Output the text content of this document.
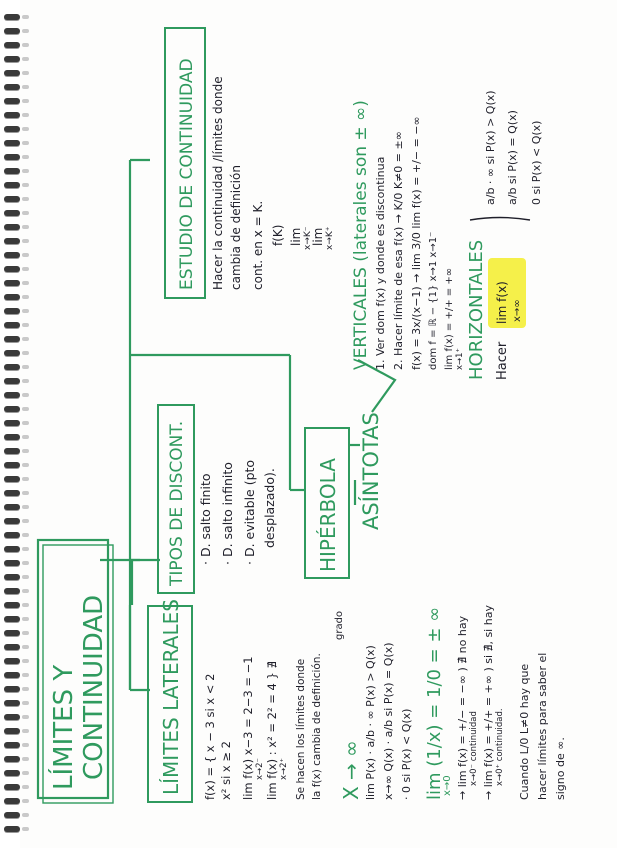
LÍMITES Y CONTINUIDAD	LÍMITES LATERALES
TIPOS DE DISCONT. · D. salto finito · D. salto infinito · D. evitable (pto desplazado).
ESTUDIO DE CONTINUIDAD Hacer la continuidad /límites donde cambia de definición cont. en x = K. f(K) lim x→K⁻
lim x→K⁺
HIPÉRBOLA ASÍNTOTAS
f(x) = { x − 3 si x < 2 x² si x ≥ 2 lim f(x) x−3 = 2−3 = −1 x→2⁻ lim f(x) : x² = 2² = 4 } ∄ x→2⁺ Se hacen los límites donde la f(x) cambia de definición. X → ∞
grado
lim P(x) · a/b · ∞ P(x) > Q(x) x→∞ Q(x) · a/b si P(x) = Q(x) · 0 si P(x) < Q(x) lim (1/x) = 1/0 = ± ∞
x→0 → lim f(x) = +/− = −∞ ) ∄ no hay x→0⁻ continuidad → lim f(x) = +/+ = +∞ ) si ∄, si hay x→0⁺ continuidad. Cuando L/0 L≠0 hay que hacer límites para saber el signo de ∞.
VERTICALES (laterales son ± ∞) 1. Ver dom f(x) y donde es discontinua 2. Hacer límite de esa f(x) → K/0 K≠0 = ±∞ f(x) = 3x/(x−1) → lim 3/0 lim f(x) = +/− = −∞ dom f = ℝ − {1} x→1 x→1⁻ lim f(x) = +/+ = +∞ x→1⁺ HORIZONTALES Hacer
lim f(x) x→∞
a/b · ∞ si P(x) > Q(x) a/b si P(x) = Q(x) 0 si P(x) < Q(x)
